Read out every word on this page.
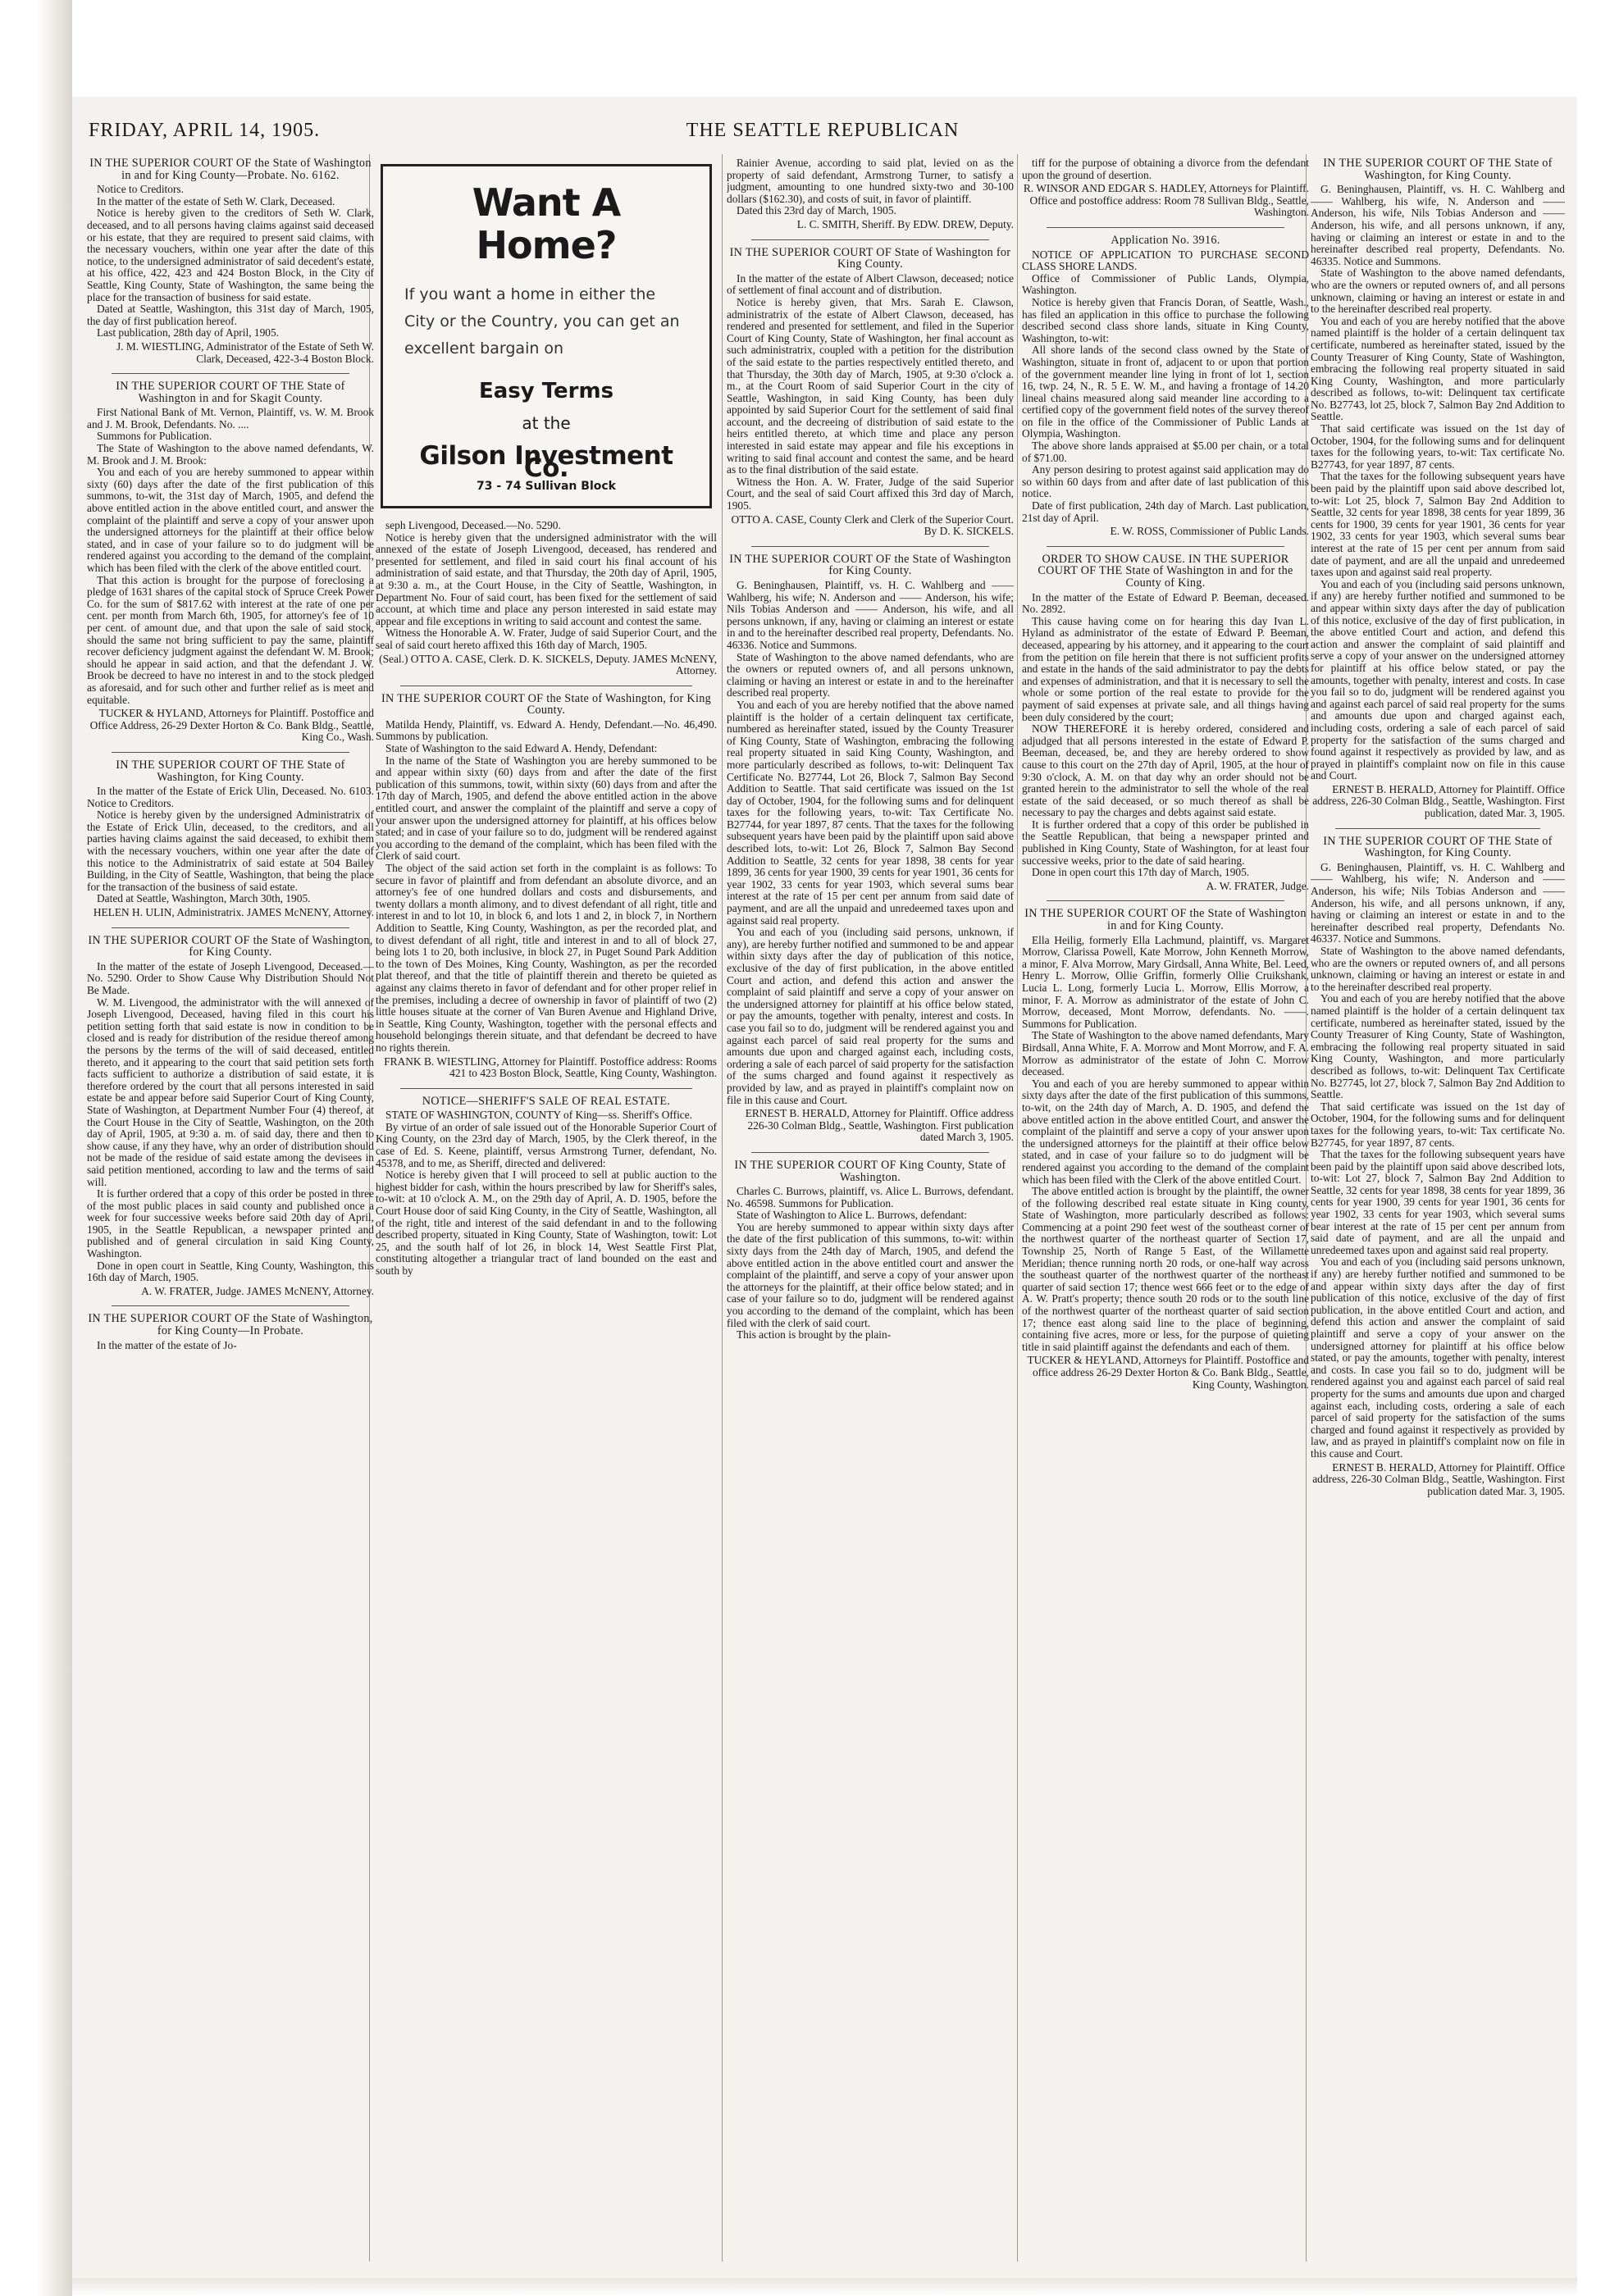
FRIDAY, APRIL 14, 1905.	THE SEATTLE REPUBLICAN
IN THE SUPERIOR COURT OF the State of Washington in and for King County—Probate. No. 6162.

Notice to Creditors.

In the matter of the estate of Seth W. Clark, Deceased.

Notice is hereby given to the creditors of Seth W. Clark, deceased, and to all persons having claims against said deceased or his estate, that they are required to present said claims, with the necessary vouchers, within one year after the date of this notice, to the undersigned administrator of said decedent's estate, at his office, 422, 423 and 424 Boston Block, in the City of Seattle, King County, State of Washington, the same being the place for the transaction of business for said estate.

Dated at Seattle, Washington, this 31st day of March, 1905, the day of first publication hereof.

Last publication, 28th day of April, 1905.

J. M. WIESTLING, Administrator of the Estate of Seth W. Clark, Deceased, 422-3-4 Boston Block.
IN THE SUPERIOR COURT OF THE State of Washington in and for Skagit County.

First National Bank of Mt. Vernon, Plaintiff, vs. W. M. Brook and J. M. Brook, Defendants. No. ....

Summons for Publication.

The State of Washington to the above named defendants, W. M. Brook and J. M. Brook:

You and each of you are hereby summoned to appear within sixty (60) days after the date of the first publication of this summons, to-wit, the 31st day of March, 1905, and defend the above entitled action in the above entitled court, and answer the complaint of the plaintiff and serve a copy of your answer upon the undersigned attorneys for the plaintiff at their office below stated, and in case of your failure so to do judgment will be rendered against you according to the demand of the complaint, which has been filed with the clerk of the above entitled court.

That this action is brought for the purpose of foreclosing a pledge of 1631 shares of the capital stock of Spruce Creek Power Co. for the sum of $817.62 with interest at the rate of one per cent. per month from March 6th, 1905, for attorney's fee of 10 per cent. of amount due, and that upon the sale of said stock, should the same not bring sufficient to pay the same, plaintiff recover deficiency judgment against the defendant W. M. Brook; should he appear in said action, and that the defendant J. W. Brook be decreed to have no interest in and to the stock pledged as aforesaid, and for such other and further relief as is meet and equitable.

TUCKER & HYLAND, Attorneys for Plaintiff. Postoffice and Office Address, 26-29 Dexter Horton & Co. Bank Bldg., Seattle, King Co., Wash.
IN THE SUPERIOR COURT OF THE State of Washington, for King County.

In the matter of the Estate of Erick Ulin, Deceased. No. 6103. Notice to Creditors.

Notice is hereby given by the undersigned Administratrix of the Estate of Erick Ulin, deceased, to the creditors, and all parties having claims against the said deceased, to exhibit them with the necessary vouchers, within one year after the date of this notice to the Administratrix of said estate at 504 Bailey Building, in the City of Seattle, Washington, that being the place for the transaction of the business of said estate.

Dated at Seattle, Washington, March 30th, 1905.

HELEN H. ULIN, Administratrix. JAMES McNENY, Attorney.
IN THE SUPERIOR COURT OF the State of Washington, for King County.

In the matter of the estate of Joseph Livengood, Deceased.—No. 5290. Order to Show Cause Why Distribution Should Not Be Made.

W. M. Livengood, the administrator with the will annexed of Joseph Livengood, Deceased, having filed in this court his petition setting forth that said estate is now in condition to be closed and is ready for distribution of the residue thereof among the persons by the terms of the will of said deceased, entitled thereto, and it appearing to the court that said petition sets forth facts sufficient to authorize a distribution of said estate, it is therefore ordered by the court that all persons interested in said estate be and appear before said Superior Court of King County, State of Washington, at Department Number Four (4) thereof, at the Court House in the City of Seattle, Washington, on the 20th day of April, 1905, at 9:30 a. m. of said day, there and then to show cause, if any they have, why an order of distribution should not be made of the residue of said estate among the devisees in said petition mentioned, according to law and the terms of said will.

It is further ordered that a copy of this order be posted in three of the most public places in said county and published once a week for four successive weeks before said 20th day of April, 1905, in the Seattle Republican, a newspaper printed and published and of general circulation in said King County, Washington.

Done in open court in Seattle, King County, Washington, this 16th day of March, 1905.

A. W. FRATER, Judge. JAMES McNENY, Attorney.
IN THE SUPERIOR COURT OF the State of Washington, for King County—In Probate.

In the matter of the estate of Jo-

Want A Home?
If you want a home in either the City or the Country, you can get an excellent bargain on
Easy Terms
at the
Gilson Investment Co.
73 - 74 Sullivan Block

seph Livengood, Deceased.—No. 5290.

Notice is hereby given that the undersigned administrator with the will annexed of the estate of Joseph Livengood, deceased, has rendered and presented for settlement, and filed in said court his final account of his administration of said estate, and that Thursday, the 20th day of April, 1905, at 9:30 a. m., at the Court House, in the City of Seattle, Washington, in Department No. Four of said court, has been fixed for the settlement of said account, at which time and place any person interested in said estate may appear and file exceptions in writing to said account and contest the same.

Witness the Honorable A. W. Frater, Judge of said Superior Court, and the seal of said court hereto affixed this 16th day of March, 1905.

(Seal.) OTTO A. CASE, Clerk. D. K. SICKELS, Deputy. JAMES McNENY, Attorney.
IN THE SUPERIOR COURT OF the State of Washington, for King County.

Matilda Hendy, Plaintiff, vs. Edward A. Hendy, Defendant.—No. 46,490. Summons by publication.

State of Washington to the said Edward A. Hendy, Defendant:

In the name of the State of Washington you are hereby summoned to be and appear within sixty (60) days from and after the date of the first publication of this summons, towit, within sixty (60) days from and after the 17th day of March, 1905, and defend the above entitled action in the above entitled court, and answer the complaint of the plaintiff and serve a copy of your answer upon the undersigned attorney for plaintiff, at his offices below stated; and in case of your failure so to do, judgment will be rendered against you according to the demand of the complaint, which has been filed with the Clerk of said court.

The object of the said action set forth in the complaint is as follows: To secure in favor of plaintiff and from defendant an absolute divorce, and an attorney's fee of one hundred dollars and costs and disbursements, and twenty dollars a month alimony, and to divest defendant of all right, title and interest in and to lot 10, in block 6, and lots 1 and 2, in block 7, in Northern Addition to Seattle, King County, Washington, as per the recorded plat, and to divest defendant of all right, title and interest in and to all of block 27, being lots 1 to 20, both inclusive, in block 27, in Puget Sound Park Addition to the town of Des Moines, King County, Washington, as per the recorded plat thereof, and that the title of plaintiff therein and thereto be quieted as against any claims thereto in favor of defendant and for other proper relief in the premises, including a decree of ownership in favor of plaintiff of two (2) little houses situate at the corner of Van Buren Avenue and Highland Drive, in Seattle, King County, Washington, together with the personal effects and household belongings therein situate, and that defendant be decreed to have no rights therein.

FRANK B. WIESTLING, Attorney for Plaintiff. Postoffice address: Rooms 421 to 423 Boston Block, Seattle, King County, Washington.
NOTICE—SHERIFF'S SALE OF REAL ESTATE.

STATE OF WASHINGTON, COUNTY of King—ss. Sheriff's Office.

By virtue of an order of sale issued out of the Honorable Superior Court of King County, on the 23rd day of March, 1905, by the Clerk thereof, in the case of Ed. S. Keene, plaintiff, versus Armstrong Turner, defendant, No. 45378, and to me, as Sheriff, directed and delivered:

Notice is hereby given that I will proceed to sell at public auction to the highest bidder for cash, within the hours prescribed by law for Sheriff's sales, to-wit: at 10 o'clock A. M., on the 29th day of April, A. D. 1905, before the Court House door of said King County, in the City of Seattle, Washington, all of the right, title and interest of the said defendant in and to the following described property, situated in King County, State of Washington, towit: Lot 25, and the south half of lot 26, in block 14, West Seattle First Plat, constituting altogether a triangular tract of land bounded on the east and south by

Rainier Avenue, according to said plat, levied on as the property of said defendant, Armstrong Turner, to satisfy a judgment, amounting to one hundred sixty-two and 30-100 dollars ($162.30), and costs of suit, in favor of plaintiff.

Dated this 23rd day of March, 1905.

L. C. SMITH, Sheriff. By EDW. DREW, Deputy.
IN THE SUPERIOR COURT OF State of Washington for King County.

In the matter of the estate of Albert Clawson, deceased; notice of settlement of final account and of distribution.

Notice is hereby given, that Mrs. Sarah E. Clawson, administratrix of the estate of Albert Clawson, deceased, has rendered and presented for settlement, and filed in the Superior Court of King County, State of Washington, her final account as such administratrix, coupled with a petition for the distribution of the said estate to the parties respectively entitled thereto, and that Thursday, the 30th day of March, 1905, at 9:30 o'clock a. m., at the Court Room of said Superior Court in the city of Seattle, Washington, in said King County, has been duly appointed by said Superior Court for the settlement of said final account, and the decreeing of distribution of said estate to the heirs entitled thereto, at which time and place any person interested in said estate may appear and file his exceptions in writing to said final account and contest the same, and be heard as to the final distribution of the said estate.

Witness the Hon. A. W. Frater, Judge of the said Superior Court, and the seal of said Court affixed this 3rd day of March, 1905.

OTTO A. CASE, County Clerk and Clerk of the Superior Court. By D. K. SICKELS.
IN THE SUPERIOR COURT OF the State of Washington for King County.

G. Beninghausen, Plaintiff, vs. H. C. Wahlberg and —— Wahlberg, his wife; N. Anderson and —— Anderson, his wife; Nils Tobias Anderson and —— Anderson, his wife, and all persons unknown, if any, having or claiming an interest or estate in and to the hereinafter described real property, Defendants. No. 46336. Notice and Summons.

State of Washington to the above named defendants, who are the owners or reputed owners of, and all persons unknown, claiming or having an interest or estate in and to the hereinafter described real property.

You and each of you are hereby notified that the above named plaintiff is the holder of a certain delinquent tax certificate, numbered as hereinafter stated, issued by the County Treasurer of King County, State of Washington, embracing the following real property situated in said King County, Washington, and more particularly described as follows, to-wit: Delinquent Tax Certificate No. B27744, Lot 26, Block 7, Salmon Bay Second Addition to Seattle. That said certificate was issued on the 1st day of October, 1904, for the following sums and for delinquent taxes for the following years, to-wit: Tax Certificate No. B27744, for year 1897, 87 cents. That the taxes for the following subsequent years have been paid by the plaintiff upon said above described lots, to-wit: Lot 26, Block 7, Salmon Bay Second Addition to Seattle, 32 cents for year 1898, 38 cents for year 1899, 36 cents for year 1900, 39 cents for year 1901, 36 cents for year 1902, 33 cents for year 1903, which several sums bear interest at the rate of 15 per cent per annum from said date of payment, and are all the unpaid and unredeemed taxes upon and against said real property.

You and each of you (including said persons, unknown, if any), are hereby further notified and summoned to be and appear within sixty days after the day of publication of this notice, exclusive of the day of first publication, in the above entitled Court and action, and defend this action and answer the complaint of said plaintiff and serve a copy of your answer on the undersigned attorney for plaintiff at his office below stated, or pay the amounts, together with penalty, interest and costs. In case you fail so to do, judgment will be rendered against you and against each parcel of said real property for the sums and amounts due upon and charged against each, including costs, ordering a sale of each parcel of said property for the satisfaction of the sums charged and found against it respectively as provided by law, and as prayed in plaintiff's complaint now on file in this cause and Court.

ERNEST B. HERALD, Attorney for Plaintiff. Office address 226-30 Colman Bldg., Seattle, Washington. First publication dated March 3, 1905.
IN THE SUPERIOR COURT OF King County, State of Washington.

Charles C. Burrows, plaintiff, vs. Alice L. Burrows, defendant. No. 46598. Summons for Publication.

State of Washington to Alice L. Burrows, defendant:

You are hereby summoned to appear within sixty days after the date of the first publication of this summons, to-wit: within sixty days from the 24th day of March, 1905, and defend the above entitled action in the above entitled court and answer the complaint of the plaintiff, and serve a copy of your answer upon the attorneys for the plaintiff, at their office below stated; and in case of your failure so to do, judgment will be rendered against you according to the demand of the complaint, which has been filed with the clerk of said court.

This action is brought by the plain-

tiff for the purpose of obtaining a divorce from the defendant upon the ground of desertion.

R. WINSOR AND EDGAR S. HADLEY, Attorneys for Plaintiff. Office and postoffice address: Room 78 Sullivan Bldg., Seattle, Washington.
Application No. 3916.

NOTICE OF APPLICATION TO PURCHASE SECOND CLASS SHORE LANDS.

Office of Commissioner of Public Lands, Olympia, Washington.

Notice is hereby given that Francis Doran, of Seattle, Wash., has filed an application in this office to purchase the following described second class shore lands, situate in King County, Washington, to-wit:

All shore lands of the second class owned by the State of Washington, situate in front of, adjacent to or upon that portion of the government meander line lying in front of lot 1, section 16, twp. 24, N., R. 5 E. W. M., and having a frontage of 14.20 lineal chains measured along said meander line according to a certified copy of the government field notes of the survey thereof on file in the office of the Commissioner of Public Lands at Olympia, Washington.

The above shore lands appraised at $5.00 per chain, or a total of $71.00.

Any person desiring to protest against said application may do so within 60 days from and after date of last publication of this notice.

Date of first publication, 24th day of March. Last publication, 21st day of April.

E. W. ROSS, Commissioner of Public Lands.
ORDER TO SHOW CAUSE. IN THE SUPERIOR COURT OF THE State of Washington in and for the County of King.

In the matter of the Estate of Edward P. Beeman, deceased. No. 2892.

This cause having come on for hearing this day Ivan L. Hyland as administrator of the estate of Edward P. Beeman, deceased, appearing by his attorney, and it appearing to the court from the petition on file herein that there is not sufficient profits and estate in the hands of the said administrator to pay the debts and expenses of administration, and that it is necessary to sell the whole or some portion of the real estate to provide for the payment of said expenses at private sale, and all things having been duly considered by the court;

NOW THEREFORE it is hereby ordered, considered and adjudged that all persons interested in the estate of Edward P. Beeman, deceased, be, and they are hereby ordered to show cause to this court on the 27th day of April, 1905, at the hour of 9:30 o'clock, A. M. on that day why an order should not be granted herein to the administrator to sell the whole of the real estate of the said deceased, or so much thereof as shall be necessary to pay the charges and debts against said estate.

It is further ordered that a copy of this order be published in the Seattle Republican, that being a newspaper printed and published in King County, State of Washington, for at least four successive weeks, prior to the date of said hearing.

Done in open court this 17th day of March, 1905.

A. W. FRATER, Judge.
IN THE SUPERIOR COURT OF the State of Washington in and for King County.

Ella Heilig, formerly Ella Lachmund, plaintiff, vs. Margaret Morrow, Clarissa Powell, Kate Morrow, John Kenneth Morrow, a minor, F. Alva Morrow, Mary Girdsall, Anna White, Bel. Leed, Henry L. Morrow, Ollie Griffin, formerly Ollie Cruikshank, Lucia L. Long, formerly Lucia L. Morrow, Ellis Morrow, a minor, F. A. Morrow as administrator of the estate of John C. Morrow, deceased, Mont Morrow, defendants. No. ——. Summons for Publication.

The State of Washington to the above named defendants, Mary Birdsall, Anna White, F. A. Morrow and Mont Morrow, and F. A. Morrow as administrator of the estate of John C. Morrow deceased.

You and each of you are hereby summoned to appear within sixty days after the date of the first publication of this summons, to-wit, on the 24th day of March, A. D. 1905, and defend the above entitled action in the above entitled Court, and answer the complaint of the plaintiff and serve a copy of your answer upon the undersigned attorneys for the plaintiff at their office below stated, and in case of your failure so to do judgment will be rendered against you according to the demand of the complaint which has been filed with the Clerk of the above entitled Court.

The above entitled action is brought by the plaintiff, the owner of the following described real estate situate in King county, State of Washington, more particularly described as follows: Commencing at a point 290 feet west of the southeast corner of the northwest quarter of the northeast quarter of Section 17, Township 25, North of Range 5 East, of the Willamette Meridian; thence running north 20 rods, or one-half way across the southeast quarter of the northwest quarter of the northeast quarter of said section 17; thence west 666 feet or to the edge of A. W. Pratt's property; thence south 20 rods or to the south line of the northwest quarter of the northeast quarter of said section 17; thence east along said line to the place of beginning, containing five acres, more or less, for the purpose of quieting title in said plaintiff against the defendants and each of them.

TUCKER & HEYLAND, Attorneys for Plaintiff. Postoffice and office address 26-29 Dexter Horton & Co. Bank Bldg., Seattle, King County, Washington.
IN THE SUPERIOR COURT OF THE State of Washington, for King County.

G. Beninghausen, Plaintiff, vs. H. C. Wahlberg and —— Wahlberg, his wife, N. Anderson and —— Anderson, his wife, Nils Tobias Anderson and —— Anderson, his wife, and all persons unknown, if any, having or claiming an interest or estate in and to the hereinafter described real property, Defendants. No. 46335. Notice and Summons.

State of Washington to the above named defendants, who are the owners or reputed owners of, and all persons unknown, claiming or having an interest or estate in and to the hereinafter described real property.

You and each of you are hereby notified that the above named plaintiff is the holder of a certain delinquent tax certificate, numbered as hereinafter stated, issued by the County Treasurer of King County, State of Washington, embracing the following real property situated in said King County, Washington, and more particularly described as follows, to-wit: Delinquent tax certificate No. B27743, lot 25, block 7, Salmon Bay 2nd Addition to Seattle.

That said certificate was issued on the 1st day of October, 1904, for the following sums and for delinquent taxes for the following years, to-wit: Tax certificate No. B27743, for year 1897, 87 cents.

That the taxes for the following subsequent years have been paid by the plaintiff upon said above described lot, to-wit: Lot 25, block 7, Salmon Bay 2nd Addition to Seattle, 32 cents for year 1898, 38 cents for year 1899, 36 cents for 1900, 39 cents for year 1901, 36 cents for year 1902, 33 cents for year 1903, which several sums bear interest at the rate of 15 per cent per annum from said date of payment, and are all the unpaid and unredeemed taxes upon and against said real property.

You and each of you (including said persons unknown, if any) are hereby further notified and summoned to be and appear within sixty days after the day of publication of this notice, exclusive of the day of first publication, in the above entitled Court and action, and defend this action and answer the complaint of said plaintiff and serve a copy of your answer on the undersigned attorney for plaintiff at his office below stated, or pay the amounts, together with penalty, interest and costs. In case you fail so to do, judgment will be rendered against you and against each parcel of said real property for the sums and amounts due upon and charged against each, including costs, ordering a sale of each parcel of said property for the satisfaction of the sums charged and found against it respectively as provided by law, and as prayed in plaintiff's complaint now on file in this cause and Court.

ERNEST B. HERALD, Attorney for Plaintiff. Office address, 226-30 Colman Bldg., Seattle, Washington. First publication, dated Mar. 3, 1905.
IN THE SUPERIOR COURT OF THE State of Washington, for King County.

G. Beninghausen, Plaintiff, vs. H. C. Wahlberg and —— Wahlberg, his wife; N. Anderson and —— Anderson, his wife; Nils Tobias Anderson and —— Anderson, his wife, and all persons unknown, if any, having or claiming an interest or estate in and to the hereinafter described real property, Defendants No. 46337. Notice and Summons.

State of Washington to the above named defendants, who are the owners or reputed owners of, and all persons unknown, claiming or having an interest or estate in and to the hereinafter described real property.

You and each of you are hereby notified that the above named plaintiff is the holder of a certain delinquent tax certificate, numbered as hereinafter stated, issued by the County Treasurer of King County, State of Washington, embracing the following real property situated in said King County, Washington, and more particularly described as follows, to-wit: Delinquent Tax Certificate No. B27745, lot 27, block 7, Salmon Bay 2nd Addition to Seattle.

That said certificate was issued on the 1st day of October, 1904, for the following sums and for delinquent taxes for the following years, to-wit: Tax certificate No. B27745, for year 1897, 87 cents.

That the taxes for the following subsequent years have been paid by the plaintiff upon said above described lots, to-wit: Lot 27, block 7, Salmon Bay 2nd Addition to Seattle, 32 cents for year 1898, 38 cents for year 1899, 36 cents for year 1900, 39 cents for year 1901, 36 cents for year 1902, 33 cents for year 1903, which several sums bear interest at the rate of 15 per cent per annum from said date of payment, and are all the unpaid and unredeemed taxes upon and against said real property.

You and each of you (including said persons unknown, if any) are hereby further notified and summoned to be and appear within sixty days after the day of first publication of this notice, exclusive of the day of first publication, in the above entitled Court and action, and defend this action and answer the complaint of said plaintiff and serve a copy of your answer on the undersigned attorney for plaintiff at his office below stated, or pay the amounts, together with penalty, interest and costs. In case you fail so to do, judgment will be rendered against you and against each parcel of said real property for the sums and amounts due upon and charged against each, including costs, ordering a sale of each parcel of said property for the satisfaction of the sums charged and found against it respectively as provided by law, and as prayed in plaintiff's complaint now on file in this cause and Court.

ERNEST B. HERALD, Attorney for Plaintiff. Office address, 226-30 Colman Bldg., Seattle, Washington. First publication dated Mar. 3, 1905.
